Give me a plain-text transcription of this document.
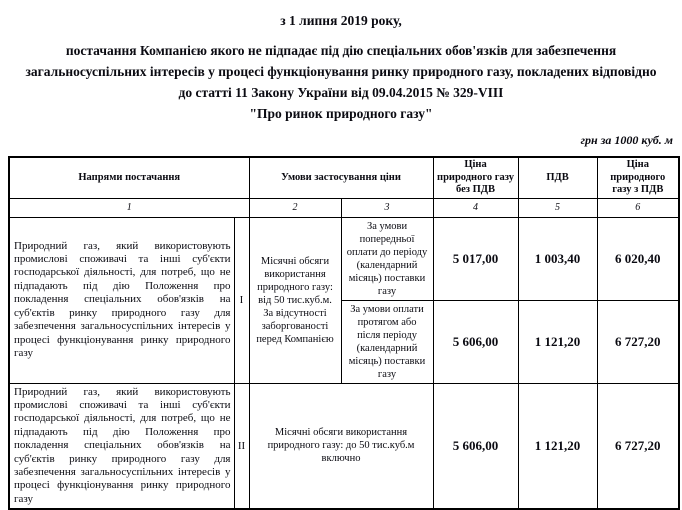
з 1 липня 2019 року,
постачання Компанією якого не підпадає під дію спеціальних обов'язків для забезпечення
загальносуспільних інтересів у процесі функціонування ринку природного газу, покладених відповідно
до статті 11 Закону України від 09.04.2015 № 329-VIII
"Про ринок природного газу"
грн за 1000 куб. м
Напрями постачання		Умови застосування ціни		Ціна природного газу без ПДВ	ПДВ	Ціна природного газу з ПДВ
1		2	3	4	5	6
Природний газ, який використовують промислові споживачі та інші суб'єкти господарської діяльності, для потреб, що не підпадають під дію Положення про покладення спеціальних обов'язків на суб'єктів ринку природного газу для забезпечення загальносуспільних інтересів у процесі функціонування ринку природного газу	I	Місячні обсяги використання природного газу: від 50 тис.куб.м. За відсутності заборгованості перед Компанією	За умови попередньої оплати до періоду (календарний місяць) поставки газу	5 017,00	1 003,40	6 020,40
			За умови оплати протягом або після періоду (календарний місяць) поставки газу	5 606,00	1 121,20	6 727,20
Природний газ, який використовують промислові споживачі та інші суб'єкти господарської діяльності, для потреб, що не підпадають під дію Положення про покладення спеціальних обов'язків на суб'єктів ринку природного газу для забезпечення загальносуспільних інтересів у процесі функціонування ринку природного газу	II	Місячні обсяги використання природного газу: до 50 тис.куб.м включно		5 606,00	1 121,20	6 727,20
